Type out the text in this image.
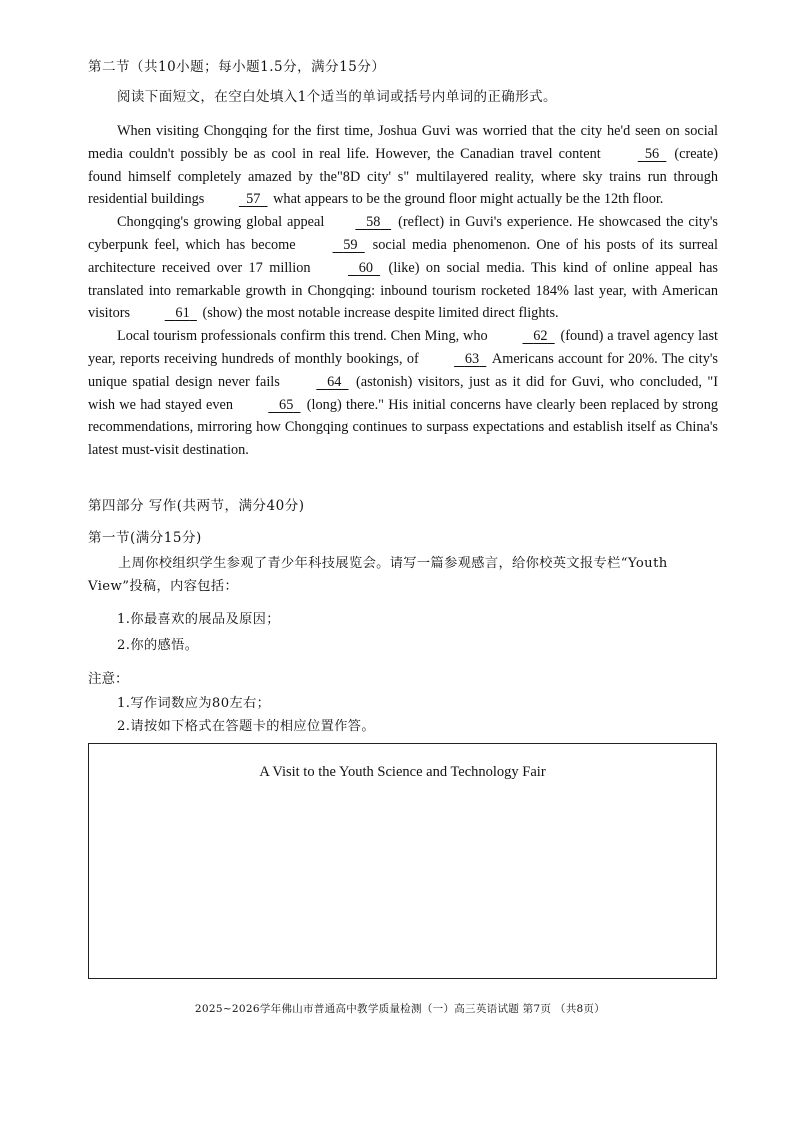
第二节（共10小题；每小题1.5分，满分15分）
阅读下面短文，在空白处填入1个适当的单词或括号内单词的正确形式。

When visiting Chongqing for the first time, Joshua Guvi was worried that the city he'd seen on social media couldn't possibly be as cool in real life. However, the Canadian travel content	56   (create) found himself completely amazed by the"8D city' s" multilayered reality, where sky trains run through residential buildings	57   what appears to be the ground floor might actually be the 12th floor.

Chongqing's growing global appeal	58    (reflect) in Guvi's experience. He showcased the city's cyberpunk feel, which has become	59   social media phenomenon. One of his posts of its surreal architecture received over 17 million	60   (like) on social media. This kind of online appeal has translated into remarkable growth in Chongqing: inbound tourism rocketed 184% last year, with American visitors	61   (show) the most notable increase despite limited direct flights.

Local tourism professionals confirm this trend. Chen Ming, who	62   (found) a travel agency last year, reports receiving hundreds of monthly bookings, of	63   Americans account for 20%. The city's unique spatial design never fails	64   (astonish) visitors, just as it did for Guvi, who concluded, "I wish we had stayed even	65   (long) there." His initial concerns have clearly been replaced by strong recommendations, mirroring how Chongqing continues to surpass expectations and establish itself as China's latest must-visit destination.

第四部分 写作(共两节，满分40分)
第一节(满分15分)

上周你校组织学生参观了青少年科技展览会。请写一篇参观感言，给你校英文报专栏“Youth View”投稿，内容包括：

1.你最喜欢的展品及原因；
2.你的感悟。
注意：
1.写作词数应为80左右；
2.请按如下格式在答题卡的相应位置作答。
A Visit to the Youth Science and Technology Fair
2025~2026学年佛山市普通高中教学质量检测（一）高三英语试题 第7页 （共8页）
